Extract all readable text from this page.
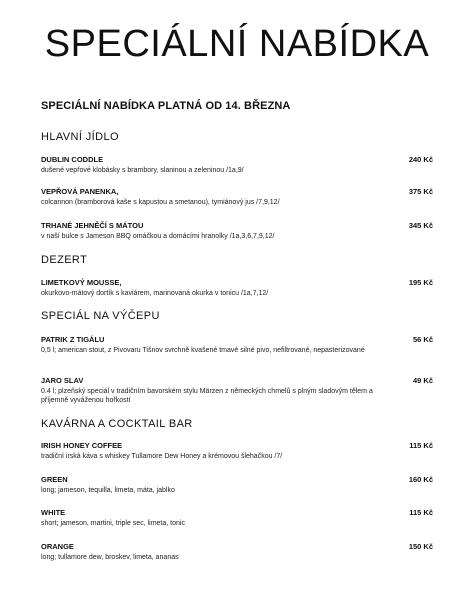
SPECIÁLNÍ NABÍDKA
SPECIÁLNÍ NABÍDKA PLATNÁ OD 14. BŘEZNA
HLAVNÍ JÍDLO
DUBLIN CODDLE	240 Kč
dušené vepřové klobásky s brambory, slaninou a zeleninou /1a,9/
VEPŘOVÁ PANENKA,	375 Kč
colcannon (bramborová kaše s kapustou a smetanou), tymiánový jus /7,9,12/
TRHANÉ JEHNĚČÍ S MÁTOU	345 Kč
v naší bulce s Jameson BBQ omáčkou a domácími hranolky /1a,3,6,7,9,12/
DEZERT
LIMETKOVÝ MOUSSE,	195 Kč
okurkovo-mátový dortík s kaviárem, marinovaná okurka v tonicu /1a,7,12/
SPECIÁL NA VÝČEPU
PATRIK Z TIGÁLU	56 Kč
0,5 l; american stout, z Pivovaru Tišnov svrchně kvašené tmavé silné pivo, nefiltrované, nepasterizované
JARO SLAV	49 Kč
0.4 l; plzeňský speciál v tradičním bavorském stylu Märzen z německých chmelů s plným sladovým tělem a příjemně vyváženou hořkostí
KAVÁRNA A COCKTAIL BAR
IRISH HONEY COFFEE	115 Kč
tradiční irská káva s whiskey Tullamore Dew Honey a krémovou šlehačkou /7/
GREEN	160 Kč
long; jameson, tequilla, limeta, máta, jablko
WHITE	115 Kč
short; jameson, martini, triple sec, limeta, tonic
ORANGE	150 Kč
long; tullamore dew, broskev, limeta, ananas
